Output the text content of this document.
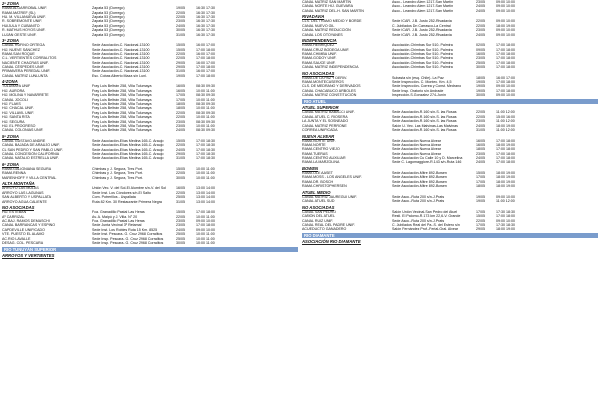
2º ZONA
RAMA ALGARROBAL UNIF.	Zapata 53 (Dorrego)	19/05	16:30 17:30
RAMA MATREF (SL)	Zapata 53 (Dorrego)	22/05	16:30 17:30
HU. M. VILLANUEVA UNIF.	Zapata 53 (Dorrego)	22/05	16:30 17:30
R. SOBREMONTE UNIF.	Zapata 53 (Dorrego)	23/05	16:30 17:30
HUIJULA Y CUBANITO	Zapata 53 (Dorrego)	24/05	16:30 17:30
R. MATHUS HOYOS UNIF.	Zapata 53 (Dorrego)	30/05	16:30 17:30
LUJÁN OESTE UNIF.	Zapata 53 (Dorrego)	31/05	16:30 17:30
3º ZONA
CANAL RUFINO ORTEGA	Sede Asociación-C. Nacional-13100	15/05	16:00 17:00
HIJ. NUEVE SÁNCHEZ	Sede Asociación-C. Nacional-13100	15/05	17:00 18:00
RAMA SAN ROQUE	Sede Asociación-C. Nacional-13100	22/05	16:00 17:00
C.L. VERTIENTES CORRALITOS	Sede Asociación-C. Nacional-13100	22/05	17:00 18:00
NACIENTE CHACRAS UNIF.	Sede Asociación-C. Nacional-13100	29/05	16:00 17:00
CANAL CÉSPEDES UNIF.	Sede Asociación-C. Nacional-13100	29/05	17:00 18:00
PRIMAVERA PEREDAL UNIF.	Sede Asociación-C. Nacional-13100	31/05	16:00 17:00
CANAL MATRIZ LUNLUNTA	Esc. Cobas Alberto Maza s/n Lunl.	19/05	17:00 18:00
4ºZONA
TULUMAYA UNIF	Fray Luis Beltrán 258, Villa Tulumaya	16/05	08:30 09:30
HIJ. AURORA	Fray Luis Beltrán 258, Villa Tulumaya	16/05	10:00 11:00
HIJ. MOLINA Y NAVARRETE	Fray Luis Beltrán 258, Villa Tulumaya	17/05	08:30 09:30
CANAL JOCOLI	Fray Luis Beltrán 258, Villa Tulumaya	17/05	10:00 11:00
HIJ. FLAKS	Fray Luis Beltrán 258, Villa Tulumaya	18/05	08:30 09:30
HIJ. CHACAL UNIF.	Fray Luis Beltrán 258, Villa Tulumaya	18/05	10:00 11:00
HIJ. VILLAVIL UNIF.	Fray Luis Beltrán 258, Villa Tulumaya	22/05	08:30 09:30
HIJ. SANTA RITA	Fray Luis Beltrán 258, Villa Tulumaya	22/05	10:00 11:00
HIJ. SEGURA	Fray Luis Beltrán 258, Villa Tulumaya	23/05	08:30 09:30
HIJ. EL PROGRESO	Fray Luis Beltrán 258, Villa Tulumaya	23/05	10:00 11:00
CANAL COLONIAS UNIF.	Fray Luis Beltrán 258, Villa Tulumaya	24/05	08:30 09:30
5º ZONA
CANAL GUSTAVO ANDRE	Sede Asociación-Elías Medina 165-C. Araujo	15/05	17:00 18:30
CANAL BAJADA DE ARAUJO UNIF.	Sede Asociación-Elías Medina 165-C. Araujo	22/05	17:00 18:30
CL SAN PEDRO Y SAN PABLO UNIF.	Sede Asociación-Elías Medina 165-C. Araujo	24/05	17:00 18:30
CANAL CONCESIÓN CALIFORNIA	Sede Asociación-Elías Medina 165-C. Araujo	29/05	17:00 18:30
CANAL NATALIO ESTRELLA UNIF.	Sede Asociación-Elías Medina 165-C. Araujo	31/05	17:00 18:30
6º ZONA
RAMA GALIGNIANA SEGURA	Chimbas y J. Segura, Tres Port.	15/05	10:00 11:00
RAMA RENNA	Chimbas y J. Segura, Tres Port.	22/05	10:00 11:00
MARENHOFF Y VILLA CENTRAL	Chimbas y J. Segura, Tres Port.	30/05	10:00 11:00
ALTA MONTAÑA
ARROYO LAS MULAS	Unión Vec. V. del Sol-El Alumbre s/n-V. del Sol	16/05	13:00 14:00
ARROYO LAS LAGUNAS	Sede Inst. Los Cóndores s/n-El Salto	22/05	13:00 14:00
SAN ALBERTO Y USPALLATA	Com. Potrerillos - Uspallata	25/05	13:00 14:00
ARROYO AGUA CALIENTE	Ruta 82 Km. 30 Restaurante Primera Negra	31/05	13:00 14:00
NO ASOCIADAS
HIJ. ESTEBAN	Fca. Granadillo Pastal Las Heras	15/05	17:00 18:00
Aº CARRIZAL	Av. A. Maipú y J. Villa. N° 20	22/05	10:00 11:00
AC.BAJ. RAMOS DEMASCHI	Fca. Granadillo Pastal Las Heras	23/05	09:00 10:00
CANAL BARRANCAS Y ESPINO	Sede Junta Vecinal 3º Retamal	23/05	17:00 18:00
CAPDEVILLE UNIFICADO	Sede Inst. Los Robles Ruta 15 Km. 8525	24/05	09:00 10:00
VTE. PUESTO EL ALAMO	Sede Inst. Pescara- G. Cruz 2968 Corralitos	25/05	10:00 11:00
AC.RIO LAVALLE	Sede Insp. Pescara- G. Cruz 2968 Corralitos	25/05	10:00 11:00
DESAG. COL. PESCARA	Sede Insp. Pescara- G. Cruz 2968 Corralitos	30/05	10:00 11:00
RIO TUNUYÁN SUPERIOR
ARROYOS Y VERTIENTES
CANAL MATRIZ SAN MARTÍN	Asoc.- Leandro Alem 1217-San Martín	23/05	09:00 10:00
CANAL NORTE HIJ. GUEVARA	Asoc.- Leandro Alem 1217-San Martín	24/05	09:00 10:00
CANAL MATRIZ DEL-H. SAN MARTÍN	Asoc.- Leandro Alem 1217-San Martín	24/05	09:00 10:00
RIVADAVIA
CLS. DEL TRAMO MEDIO Y BORDE	Sede ICAR. J.B. Justo 252-Rivadavia	22/05	09:00 10:00
CANAL NUEVO GIL	C. Jubilados Dn Carrasco-La Central	22/05	18:00 19:00
CANAL MATRIZ REDUCCIÓN	Sede ICAR. J.B. Justo 252-Rivadavia	23/05	09:00 10:00
CANAL LOS OTOYANES	Sede ICAR. J.B. Justo 252-Rivadavia	24/05	09:00 10:00
INDEPENDENCIA
RAMA HENRIQUEZ	Asociación-Chimbas Sur 510- Palmira	02/05	17:00 18:00
RAMA CRUZ BODEGA UNIF.	Asociación-Chimbas Sur 510- Palmira	09/05	17:00 18:00
RAMA CHIMBA UNIF.	Asociación-Chimbas Sur 510- Palmira	16/05	17:00 18:00
RAMA GODOY UNIF.	Asociación-Chimbas Sur 510- Palmira	23/05	17:00 18:00
RAMA SAUCE UNIF.	Asociación-Chimbas Sur 510- Palmira	25/05	17:00 18:00
CANAL MATRIZ INDEPENDENCIA	Asociación-Chimbas Sur 510- Palmira	30/05	17:00 18:00
NO ASOCIADAS
RAMA DE LA PAZ Y DERIV.	Subasta s/n (esq. Chile)- La Paz	18/05	16:00 17:00
RAMA MONTECASEROS	Sede Inspección- C. Montec. Km. 4,5	19/05	17:00 18:00
CLS. DE MEDRANO Y DERIVADOS	Sede Inspección- Correa y Const. Medrano	19/05	09:00 10:00
CANAL CHACABUCO ÁRBOLES	Sede Insp. Oratorio s/n Andrade	19/05	17:00 18:00
CANAL MATRIZ CONSTITUCIÓN	Inspección-S.Gonzalez 274-Junín	30/05	09:00 10:00
RIO ATUEL
ATUEL SUPERIOR
CANAL MATRIZ BABACCI UNIF.	Sede Asociación-R.160 s/n-S. las Rosas	22/05	11:00 12:00
CANAL ATUEL C. RIOSERA	Sede Asociación-R.160 s/n-S. las Rosas	22/05	15:00 16:00
LA JUNTA Y EL SOSNEADO	Sede Asociación-R.160 s/n-S. las Rosas	23/05	11:00 12:00
CANAL MATRIZ PERRONE	Salón U. Vec. Las Malvinas-Las Malvinas	24/05	18:00 19:00
CORREA UNIFICADA	Sede Asociación-R.160 s/n-S. las Rosas	31/05	11:00 12:00
NUEVA ALVEAR
RAMA NORTE UNIF.	Sede Asociación Nueva Alvear	16/05	17:00 18:00
RAMA NORTE	Sede Asociación Nueva Alvear	16/05	18:00 19:00
RAMA CENTRO VIEJO	Sede Asociación Nueva Alvear	18/05	17:00 18:00
RAMA TUERAS	Sede Asociación Nueva Alvear	23/05	17:00 18:00
RAMA CENTRO AUXILIAR	Sede Asociación Cu Calle 10 y D. Marcelina	24/05	17:00 18:00
RAMA LA MARZOLINA	Sede C. Lagomaggiore-R.143 s/n-Ruta 146	24/05	17:00 18:00
BOWEN
RAMA OLE AASET	Sede Asociación-Mitre 892-Bowen	15/05	18:00 19:00
RAMA MOSS - LOS ANGELES UNIF.	Sede Asociación-Mitre 892-Bowen	17/05	18:00 19:00
RAMA DR. BOSCH	Sede Asociación-Mitre 892-Bowen	17/05	18:00 19:00
RAMA CHRISTOPHERSEN	Sede Asociación-Mitre 892-Bowen	18/05	18:00 19:00
ATUEL MEDIO
CANAL MATRIZ JAUREGUI UNIF.	Sede Asoc.-Ruta 200 s/n-J.Prats	19/05	09:00 10:00
CANAL ATUEL SUD	Sede Asoc.-Ruta 200 s/n-J.Prats	19/05	11:00 12:00
NO ASOCIADAS
CANAL SAN PEDRO	Salón Unión Vecinal-San Pedro del Atuel	17/05	17:30 18:30
CAÑÓN DEL ATUEL	Restl. El Palomo-R.173 km 22,6-V. Grande	15/05	17:00 18:00
CANAL RUIZ UNIF.	Sede Asoc.-Ruta 200 s/n-J.Prats	22/05	09:00 10:00
CANAL REAL DEL PADRE UNIF.	C. Jubilados Real del Pa.-S. del Estero s/n	17/05	17:30 18:30
ACUEDUCTO GANADERO	Salón Fernández Prof.-Ferial-Gral. Alvear	29/05	18:00 19:00
RIO DIAMANTE
ASOCIACIÓN RIO DIAMANTE
